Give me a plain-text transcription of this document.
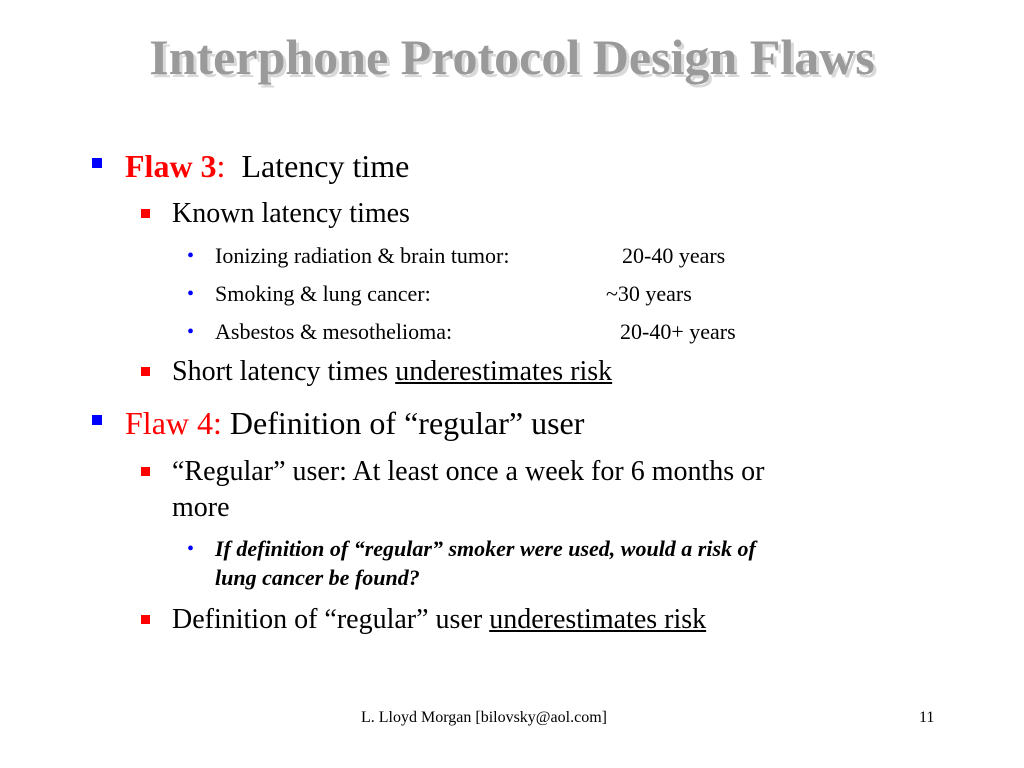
Interphone Protocol Design Flaws
Flaw 3: Latency time
Known latency times
• Ionizing radiation & brain tumor:	20-40 years
• Smoking & lung cancer:	~30 years
• Asbestos & mesothelioma:	20-40+ years
Short latency times underestimates risk
Flaw 4: Definition of “regular” user
“Regular” user: At least once a week for 6 months or
more
• If definition of “regular” smoker were used, would a risk of
lung cancer be found?
Definition of “regular” user underestimates risk
L. Lloyd Morgan [bilovsky@aol.com]	11
